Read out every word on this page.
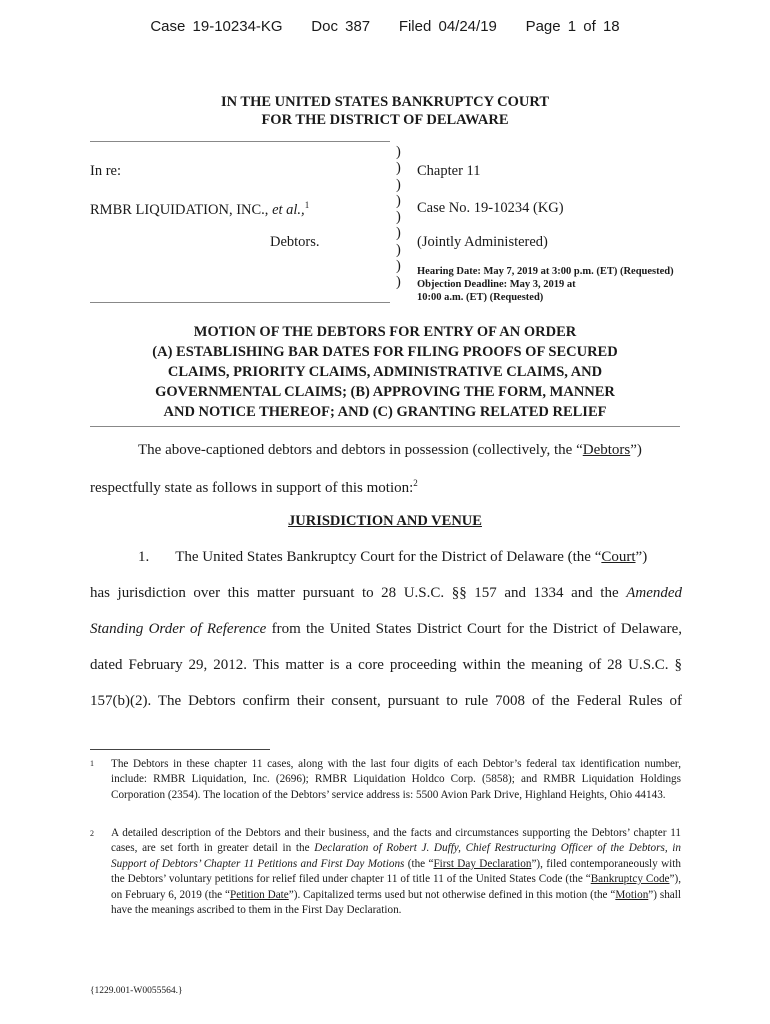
Case 19-10234-KG Doc 387 Filed 04/24/19 Page 1 of 18
IN THE UNITED STATES BANKRUPTCY COURT
FOR THE DISTRICT OF DELAWARE
)
)
)
)
)
)
)
)
)
In re:
RMBR LIQUIDATION, INC., et al.,$^1$
Debtors.
Chapter 11
Case No. 19-10234 (KG)
(Jointly Administered)
Hearing Date: May 7, 2019 at 3:00 p.m. (ET) (Requested)
Objection Deadline: May 3, 2019 at
10:00 a.m. (ET) (Requested)
MOTION OF THE DEBTORS FOR ENTRY OF AN ORDER
(A) ESTABLISHING BAR DATES FOR FILING PROOFS OF SECURED
CLAIMS, PRIORITY CLAIMS, ADMINISTRATIVE CLAIMS, AND
GOVERNMENTAL CLAIMS; (B) APPROVING THE FORM, MANNER
AND NOTICE THEREOF; AND (C) GRANTING RELATED RELIEF
The above-captioned debtors and debtors in possession (collectively, the “Debtors”)
respectfully state as follows in support of this motion:$^2$
JURISDICTION AND VENUE
1. The United States Bankruptcy Court for the District of Delaware (the “Court”)
has jurisdiction over this matter pursuant to 28 U.S.C. §§ 157 and 1334 and the Amended
Standing Order of Reference from the United States District Court for the District of Delaware,
dated February 29, 2012. This matter is a core proceeding within the meaning of 28 U.S.C. §
157(b)(2). The Debtors confirm their consent, pursuant to rule 7008 of the Federal Rules of
1 The Debtors in these chapter 11 cases, along with the last four digits of each Debtor’s federal tax identification number, include: RMBR Liquidation, Inc. (2696); RMBR Liquidation Holdco Corp. (5858); and RMBR Liquidation Holdings Corporation (2354). The location of the Debtors’ service address is: 5500 Avion Park Drive, Highland Heights, Ohio 44143.
2 A detailed description of the Debtors and their business, and the facts and circumstances supporting the Debtors’ chapter 11 cases, are set forth in greater detail in the Declaration of Robert J. Duffy, Chief Restructuring Officer of the Debtors, in Support of Debtors’ Chapter 11 Petitions and First Day Motions (the “First Day Declaration”), filed contemporaneously with the Debtors’ voluntary petitions for relief filed under chapter 11 of title 11 of the United States Code (the “Bankruptcy Code”), on February 6, 2019 (the “Petition Date”). Capitalized terms used but not otherwise defined in this motion (the “Motion”) shall have the meanings ascribed to them in the First Day Declaration.
{1229.001-W0055564.}
